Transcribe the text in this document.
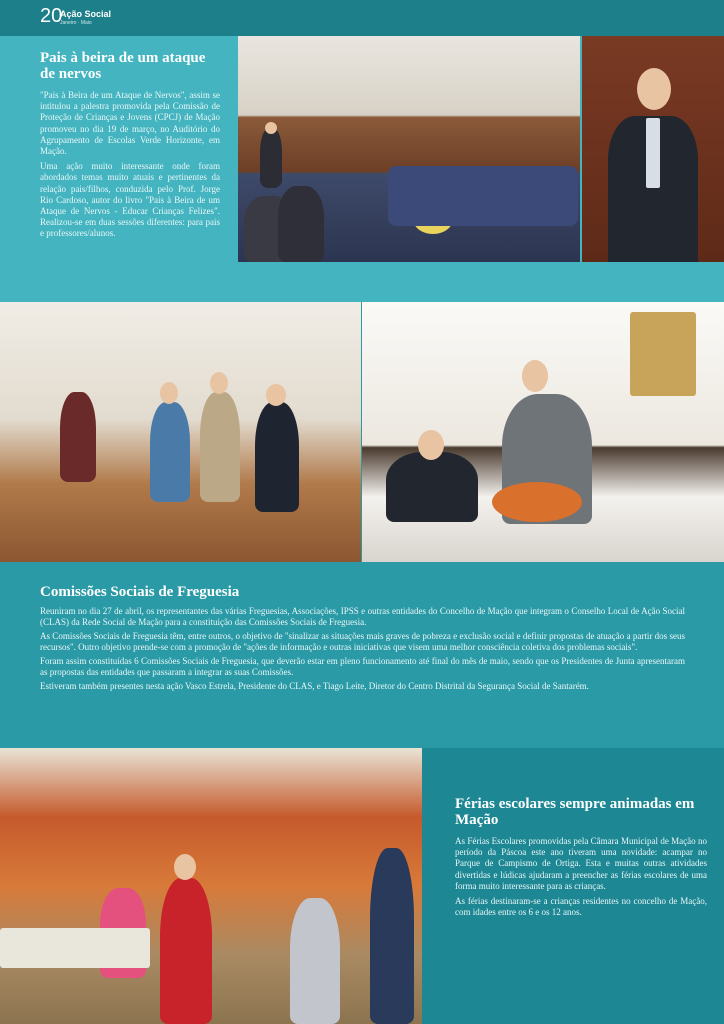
20
Ação Social
Janeiro · Maio
Pais à beira de um ataque de nervos

"Pais à Beira de um Ataque de Nervos", assim se intitulou a palestra promovida pela Comissão de Proteção de Crianças e Jovens (CPCJ) de Mação promoveu no dia 19 de março, no Auditório do Agrupamento de Escolas Verde Horizonte, em Mação.

Uma ação muito interessante onde foram abordados temas muito atuais e pertinentes da relação pais/filhos, conduzida pelo Prof. Jorge Rio Cardoso, autor do livro "Pais à Beira de um Ataque de Nervos - Educar Crianças Felizes". Realizou-se em duas sessões diferentes: para pais e professores/alunos.

Comissões Sociais de Freguesia

Reuniram no dia 27 de abril, os representantes das várias Freguesias, Associações, IPSS e outras entidades do Concelho de Mação que integram o Conselho Local de Ação Social (CLAS) da Rede Social de Mação para a constituição das Comissões Sociais de Freguesia.

As Comissões Sociais de Freguesia têm, entre outros, o objetivo de "sinalizar as situações mais graves de pobreza e exclusão social e definir propostas de atuação a partir dos seus recursos". Outro objetivo prende-se com a promoção de "ações de informação e outras iniciativas que visem uma melhor consciência coletiva dos problemas sociais".

Foram assim constituídas 6 Comissões Sociais de Freguesia, que deverão estar em pleno funcionamento até final do mês de maio, sendo que os Presidentes de Junta apresentaram as propostas das entidades que passaram a integrar as suas Comissões.

Estiveram também presentes nesta ação Vasco Estrela, Presidente do CLAS, e Tiago Leite, Diretor do Centro Distrital da Segurança Social de Santarém.

Férias escolares sempre animadas em Mação

As Férias Escolares promovidas pela Câmara Municipal de Mação no período da Páscoa este ano tiveram uma novidade: acampar no Parque de Campismo de Ortiga. Esta e muitas outras atividades divertidas e lúdicas ajudaram a preencher as férias escolares de uma forma muito interessante para as crianças.

As férias destinaram-se a crianças residentes no concelho de Mação, com idades entre os 6 e os 12 anos.
